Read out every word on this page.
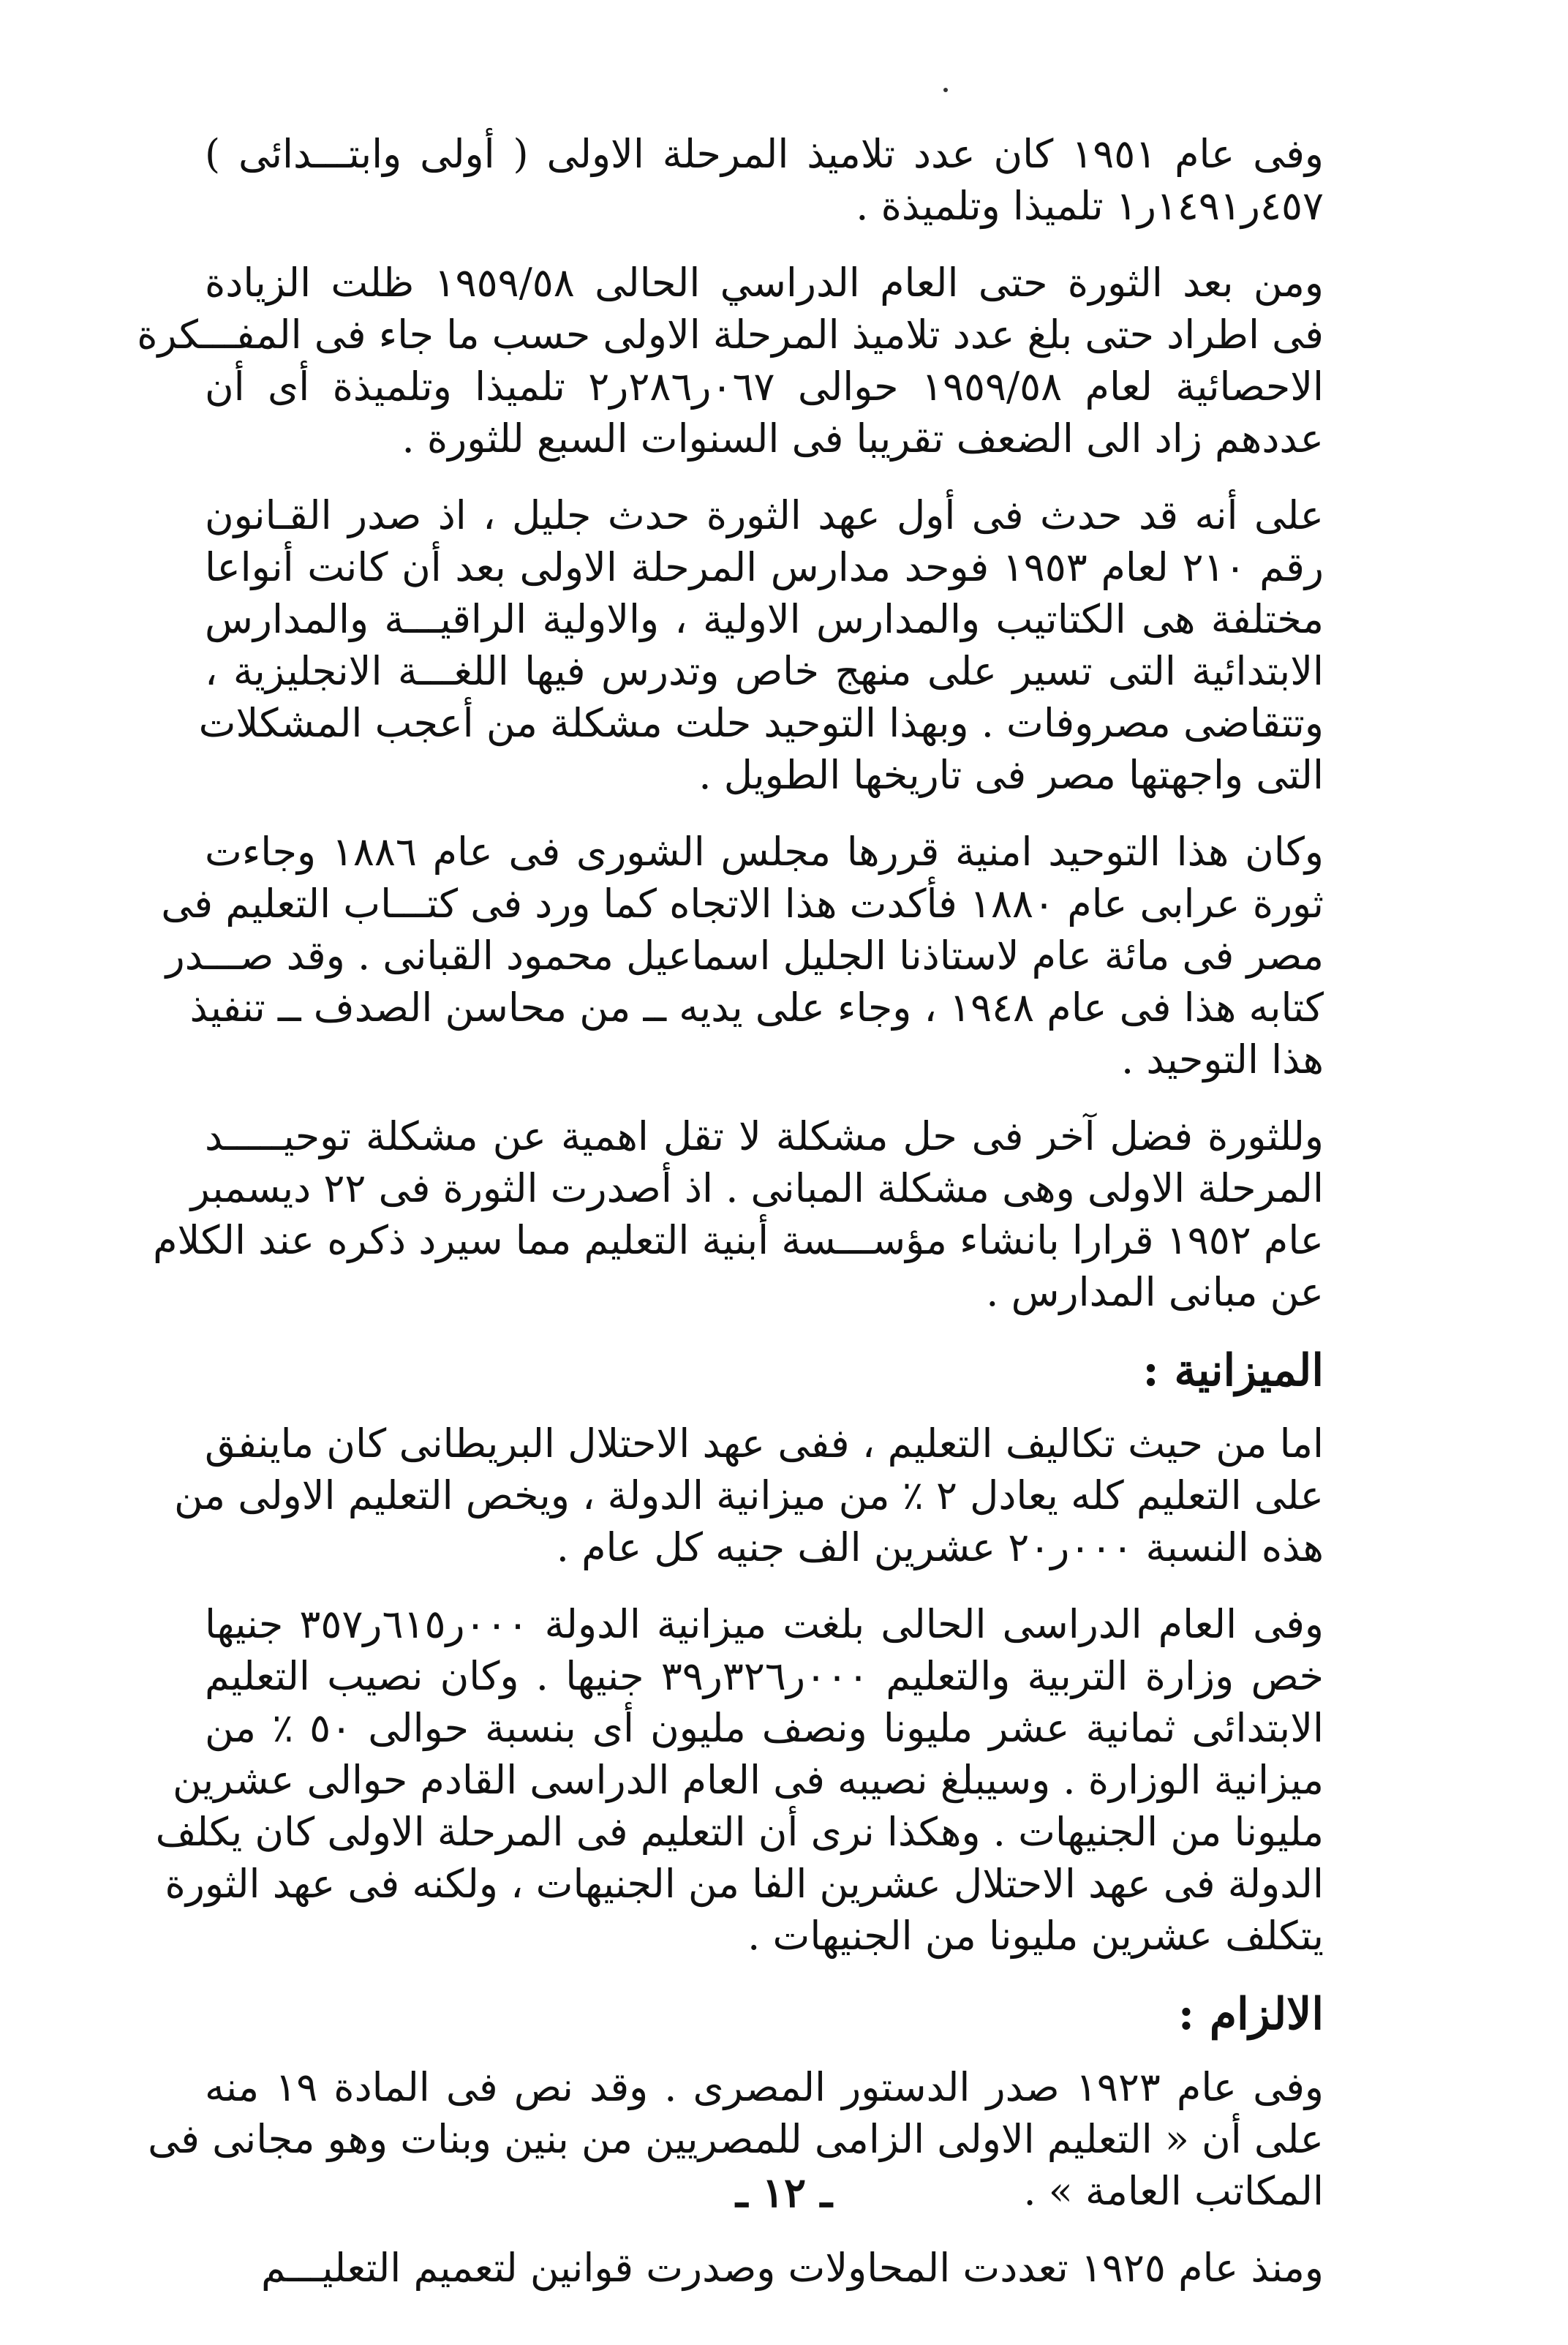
وفى عام ١٩٥١ كان عدد تلاميذ المرحلة الاولى ( أولى وابتـــدائى )
٤٥٧ر١٤٩١ر١ تلميذا وتلميذة .
ومن بعد الثورة حتى العام الدراسي الحالى ١٩٥٩/٥٨ ظلت الزيادة
فى اطراد حتى بلغ عدد تلاميذ المرحلة الاولى حسب ما جاء فى المفـــكرة
الاحصائية لعام ١٩٥٩/٥٨ حوالى ٠٦٧ر٢٨٦ر٢ تلميذا وتلميذة أى أن
عددهم زاد الى الضعف تقريبا فى السنوات السبع للثورة .
على أنه قد حدث فى أول عهد الثورة حدث جليل ، اذ صدر القـانون
رقم ٢١٠ لعام ١٩٥٣ فوحد مدارس المرحلة الاولى بعد أن كانت أنواعا
مختلفة هى الكتاتيب والمدارس الاولية ، والاولية الراقيـــة والمدارس
الابتدائية التى تسير على منهج خاص وتدرس فيها اللغـــة الانجليزية ،
وتتقاضى مصروفات . وبهذا التوحيد حلت مشكلة من أعجب المشكلات
التى واجهتها مصر فى تاريخها الطويل .
وكان هذا التوحيد امنية قررها مجلس الشورى فى عام ١٨٨٦ وجاءت
ثورة عرابى عام ١٨٨٠ فأكدت هذا الاتجاه كما ورد فى كتـــاب التعليم فى
مصر فى مائة عام لاستاذنا الجليل اسماعيل محمود القبانى . وقد صـــدر
كتابه هذا فى عام ١٩٤٨ ، وجاء على يديه ــ من محاسن الصدف ــ تنفيذ
هذا التوحيد .
وللثورة فضل آخر فى حل مشكلة لا تقل اهمية عن مشكلة توحيـــــد
المرحلة الاولى وهى مشكلة المبانى . اذ أصدرت الثورة فى ٢٢ ديسمبر
عام ١٩٥٢ قرارا بانشاء مؤســـسة أبنية التعليم مما سيرد ذكره عند الكلام
عن مبانى المدارس .
الميزانية :
اما من حيث تكاليف التعليم ، ففى عهد الاحتلال البريطانى كان ماينفق
على التعليم كله يعادل ٢ ٪ من ميزانية الدولة ، ويخص التعليم الاولى من
هذه النسبة ٠٠٠ر٢٠ عشرين الف جنيه كل عام .
وفى العام الدراسى الحالى بلغت ميزانية الدولة ٠٠٠ر٦١٥ر٣٥٧ جنيها
خص وزارة التربية والتعليم ٠٠٠ر٣٢٦ر٣٩ جنيها . وكان نصيب التعليم
الابتدائى ثمانية عشر مليونا ونصف مليون أى بنسبة حوالى ٥٠ ٪ من
ميزانية الوزارة . وسيبلغ نصيبه فى العام الدراسى القادم حوالى عشرين
مليونا من الجنيهات . وهكذا نرى أن التعليم فى المرحلة الاولى كان يكلف
الدولة فى عهد الاحتلال عشرين الفا من الجنيهات ، ولكنه فى عهد الثورة
يتكلف عشرين مليونا من الجنيهات .
الالزام :
وفى عام ١٩٢٣ صدر الدستور المصرى . وقد نص فى المادة ١٩ منه
على أن « التعليم الاولى الزامى للمصريين من بنين وبنات وهو مجانى فى
المكاتب العامة » .
ومنذ عام ١٩٢٥ تعددت المحاولات وصدرت قوانين لتعميم التعليـــم
ـ ١٢ ـ
